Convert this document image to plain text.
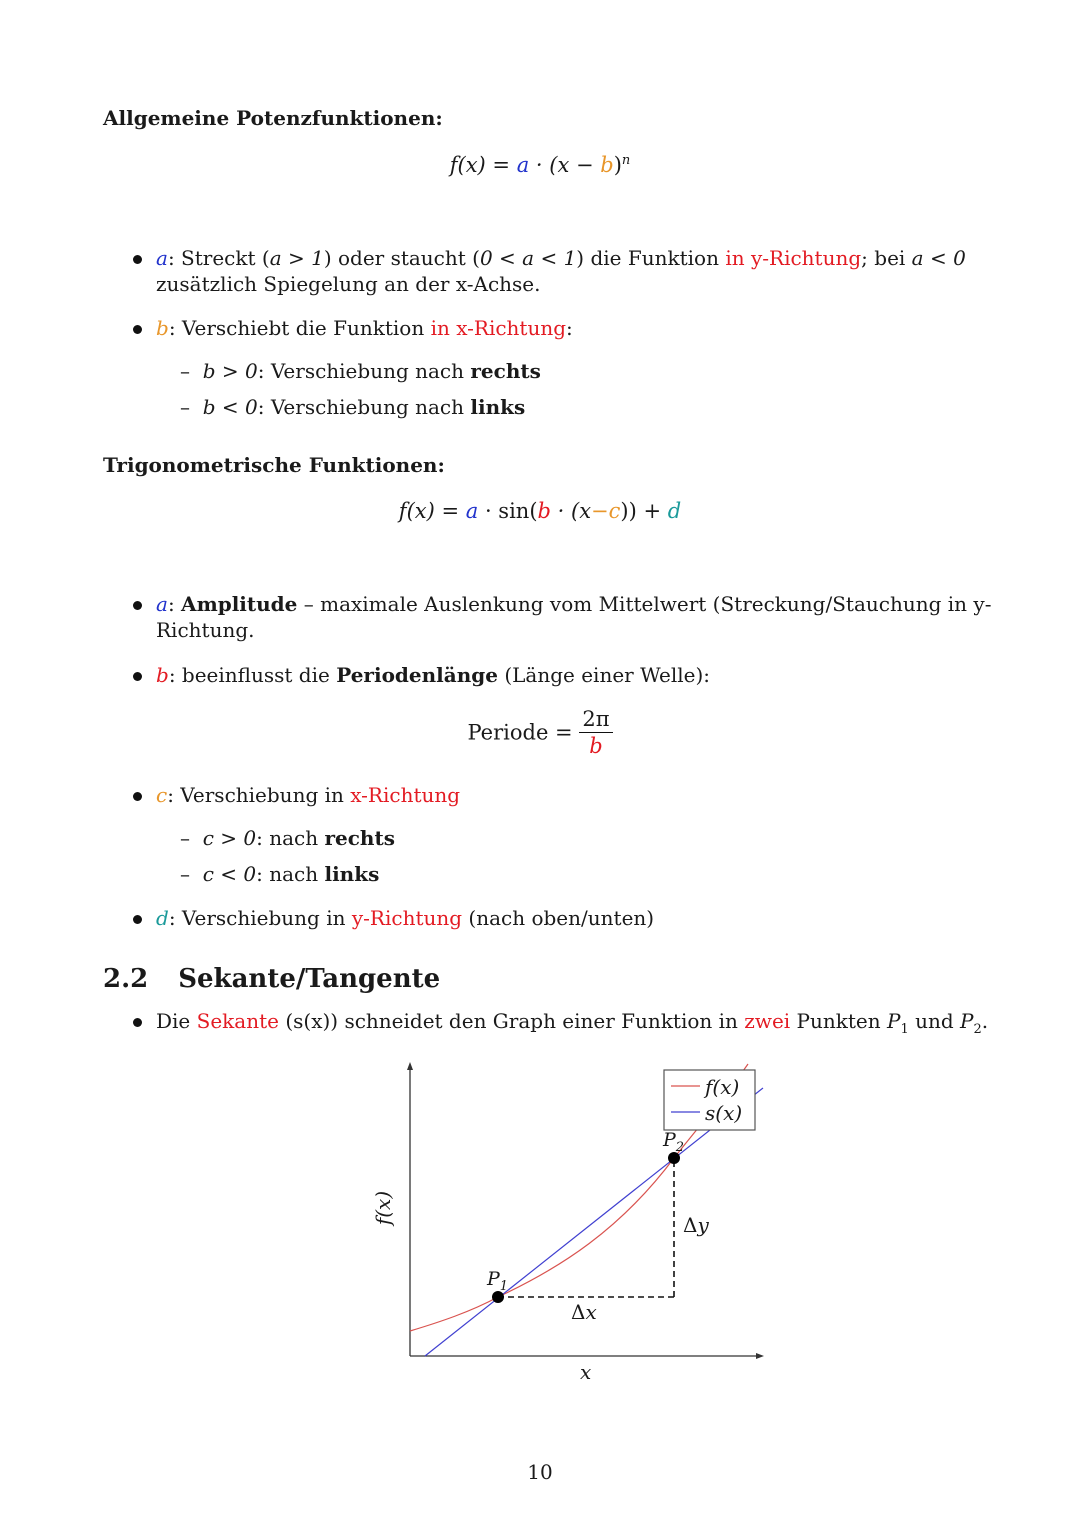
Allgemeine Potenzfunktionen:
$f(x) = a \cdot (x - b)^n$
a: Streckt (a > 1) oder staucht (0 < a < 1) die Funktion in y-Richtung; bei a < 0
zusätzlich Spiegelung an der x-Achse.
b: Verschiebt die Funktion in x-Richtung:
–  b > 0: Verschiebung nach rechts
–  b < 0: Verschiebung nach links
Trigonometrische Funktionen:
f(x) = a · sin(b · (x−c)) + d
a: Amplitude – maximale Auslenkung vom Mittelwert (Streckung/Stauchung in y-
Richtung.
b: beeinflusst die Periodenlänge (Länge einer Welle):
Periode = $\frac{2\pi}{b}$
c: Verschiebung in x-Richtung
–  c > 0: nach rechts
–  c < 0: nach links
d: Verschiebung in y-Richtung (nach oben/unten)
2.2 Sekante/Tangente
Die Sekante (s(x)) schneidet den Graph einer Funktion in zwei Punkten $P_1$ und $P_2$.
f(x)
s(x)
$P_1$
$P_2$
Δx
Δy
x
f(x)
10
